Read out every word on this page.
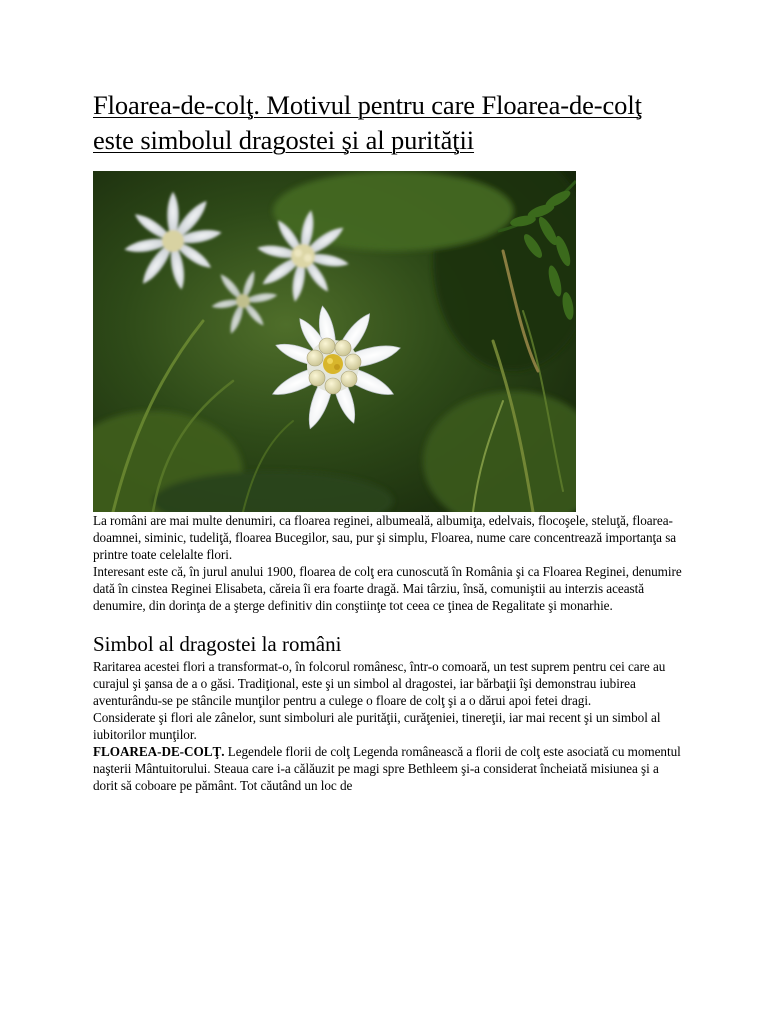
Floarea-de-colţ. Motivul pentru care Floarea-de-colţ este simbolul dragostei şi al purităţii

La români are mai multe denumiri, ca floarea reginei, albumeală, albumiţa, edelvais, flocoşele, steluţă, floarea-doamnei, siminic, tudeliţă, floarea Bucegilor, sau, pur şi simplu, Floarea, nume care concentrează importanţa sa printre toate celelalte flori.

Interesant este că, în jurul anului 1900, floarea de colţ era cunoscută în România şi ca Floarea Reginei, denumire dată în cinstea Reginei Elisabeta, căreia îi era foarte dragă. Mai târziu, însă, comuniştii au interzis această denumire, din dorinţa de a şterge definitiv din conştiinţe tot ceea ce ţinea de Regalitate şi monarhie.

Simbol al dragostei la români

Raritarea acestei flori a transformat-o, în folcorul românesc, într-o comoară, un test suprem pentru cei care au curajul şi şansa de a o găsi. Tradiţional, este şi un simbol al dragostei, iar bărbaţii îşi demonstrau iubirea aventurându-se pe stâncile munţilor pentru a culege o floare de colţ şi a o dărui apoi fetei dragi.

Considerate şi flori ale zânelor, sunt simboluri ale purităţii, curăţeniei, tinereţii, iar mai recent şi un simbol al iubitorilor munţilor.

FLOAREA-DE-COLŢ. Legendele florii de colţ Legenda românească a florii de colţ este asociată cu momentul naşterii Mântuitorului. Steaua care i-a călăuzit pe magi spre Bethleem şi-a considerat încheiată misiunea şi a dorit să coboare pe pământ. Tot căutând un loc de
